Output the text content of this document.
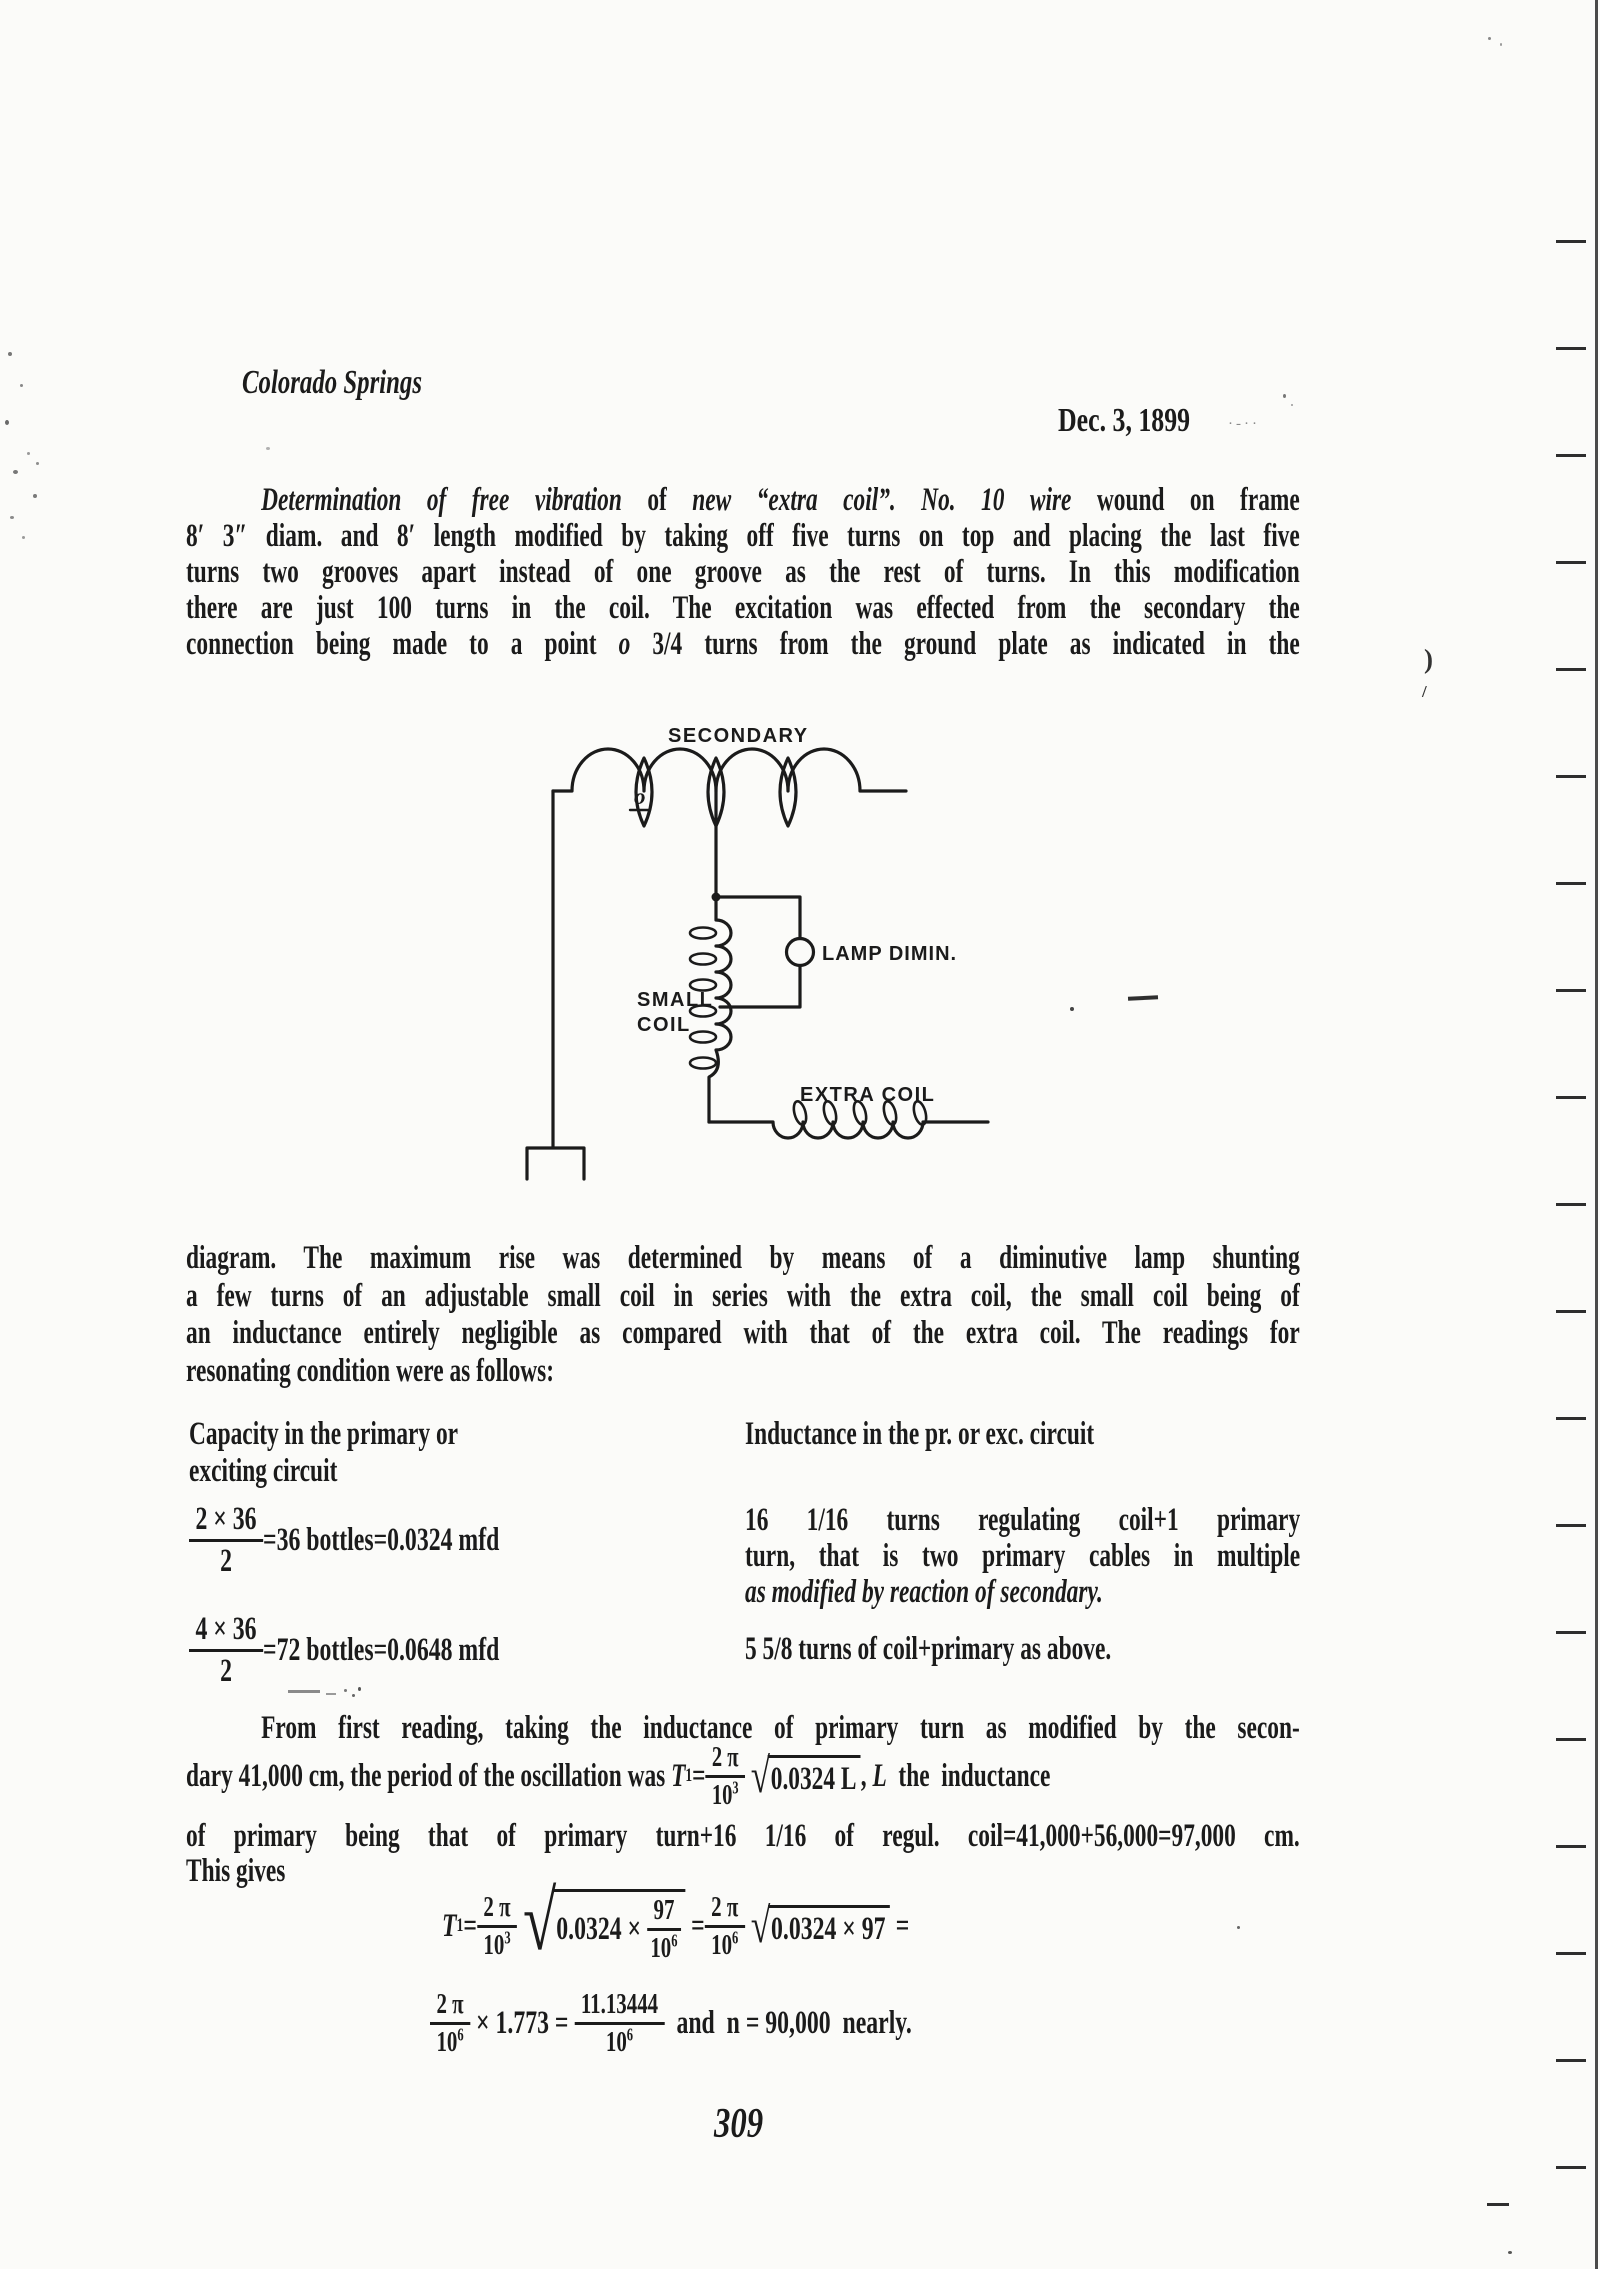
Colorado Springs
Dec. 3, 1899	·-··
Determination of free vibration of new “extra coil”. No. 10 wire wound on frame
8′ 3″ diam. and 8′ length modified by taking off five turns on top and placing the last five
turns two grooves apart instead of one groove as the rest of turns. In this modification
there are just 100 turns in the coil. The excitation was effected from the secondary the
connection being made to a point o 3/4 turns from the ground plate as indicated in the
SECONDARY
o
LAMP DIMIN.
SMALL
COIL
EXTRA COIL
diagram. The maximum rise was determined by means of a diminutive lamp shunting
a few turns of an adjustable small coil in series with the extra coil, the small coil being of
an inductance entirely negligible as compared with that of the extra coil. The readings for
resonating condition were as follows:
Capacity in the primary or
exciting circuit
Inductance in the pr. or exc. circuit
$\frac{2 \times 36}{2} =36$ bottles=0.0324 mfd
16 1/16 turns regulating coil+1 primary
turn, that is two primary cables in multiple
as modified by reaction of secondary.
$\frac{4 \times 36}{2} =72$ bottles=0.0648 mfd	5 5/8 turns of coil+primary as above.
From first reading, taking the inductance of primary turn as modified by the secon-
dary 41,000 cm, the period of the oscillation was T $1 = \frac{2 \pi}{10^3}$
√ 0.0324 L , L the  inductance
of primary being that of primary turn+16 1/16 of regul. coil=41,000+56,000=97,000 cm.
This gives
T $1 = \frac{2 \pi}{10^3}$
√ $0.0324 \times \frac{97}{10^6}$
= $\frac{2 \pi}{10^6}$
√ 0.0324 × 97
=
$\frac{2 \pi}{10^6} \times 1.773 = \frac{11.13444}{10^6}$
and
n = 90,000  nearly.
309
)
/
